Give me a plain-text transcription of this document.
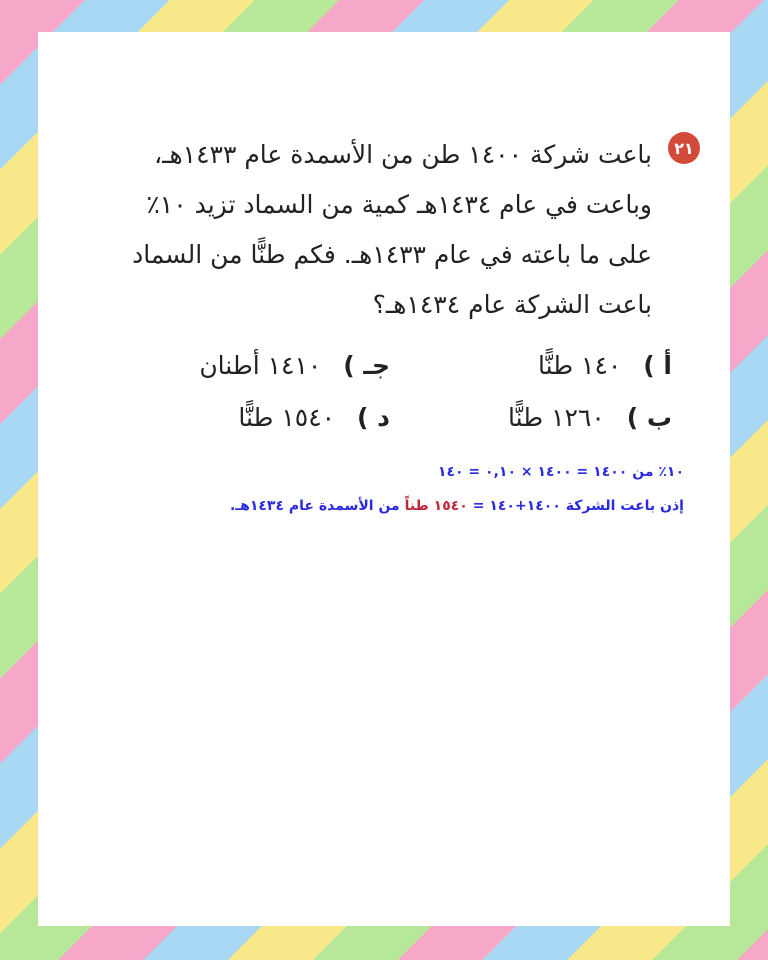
٢١
باعت شركة ١٤٠٠ طن من الأسمدة عام ١٤٣٣هـ،
وباعت في عام ١٤٣٤هـ كمية من السماد تزيد ١٠٪
على ما باعته في عام ١٤٣٣هـ. فكم طنًّا من السماد
باعت الشركة عام ١٤٣٤هـ؟
أ ) ١٤٠ طنًّا
جـ ) ١٤١٠ أطنان
ب ) ١٢٦٠ طنًّا
د ) ١٥٤٠ طنًّا
١٠٪ من ١٤٠٠ = ١٤٠٠ × ٠,١٠ = ١٤٠
إذن باعت الشركة ١٤٠٠+١٤٠ = ١٥٤٠ طناً من الأسمدة عام ١٤٣٤هـ.
